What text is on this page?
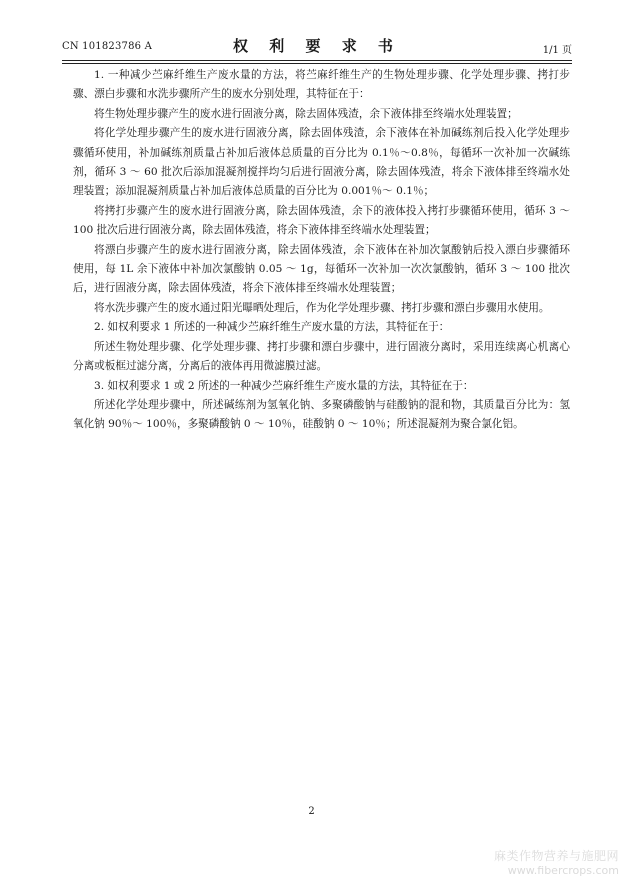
CN 101823786 A	权 利 要 求 书	1/1 页

1. 一种减少苎麻纤维生产废水量的方法，将苎麻纤维生产的生物处理步骤、化学处理步骤、拷打步骤、漂白步骤和水洗步骤所产生的废水分别处理，其特征在于：

将生物处理步骤产生的废水进行固液分离，除去固体残渣，余下液体排至终端水处理装置；

将化学处理步骤产生的废水进行固液分离，除去固体残渣，余下液体在补加碱练剂后投入化学处理步骤循环使用，补加碱练剂质量占补加后液体总质量的百分比为 0.1％～0.8％，每循环一次补加一次碱练剂，循环 3 ～ 60 批次后添加混凝剂搅拌均匀后进行固液分离，除去固体残渣，将余下液体排至终端水处理装置；添加混凝剂质量占补加后液体总质量的百分比为 0.001％～ 0.1％；

将拷打步骤产生的废水进行固液分离，除去固体残渣，余下的液体投入拷打步骤循环使用，循环 3 ～ 100 批次后进行固液分离，除去固体残渣，将余下液体排至终端水处理装置；

将漂白步骤产生的废水进行固液分离，除去固体残渣，余下液体在补加次氯酸钠后投入漂白步骤循环使用，每 1L 余下液体中补加次氯酸钠 0.05 ～ 1g，每循环一次补加一次次氯酸钠，循环 3 ～ 100 批次后，进行固液分离，除去固体残渣，将余下液体排至终端水处理装置；

将水洗步骤产生的废水通过阳光曝晒处理后，作为化学处理步骤、拷打步骤和漂白步骤用水使用。

2. 如权利要求 1 所述的一种减少苎麻纤维生产废水量的方法，其特征在于：

所述生物处理步骤、化学处理步骤、拷打步骤和漂白步骤中，进行固液分离时，采用连续离心机离心分离或板框过滤分离，分离后的液体再用微滤膜过滤。

3. 如权利要求 1 或 2 所述的一种减少苎麻纤维生产废水量的方法，其特征在于：

所述化学处理步骤中，所述碱练剂为氢氧化钠、多聚磷酸钠与硅酸钠的混和物，其质量百分比为：氢氧化钠 90％～ 100％，多聚磷酸钠 0 ～ 10％，硅酸钠 0 ～ 10％；所述混凝剂为聚合氯化铝。

2
麻类作物营养与施肥网
www.fibercrops.com
